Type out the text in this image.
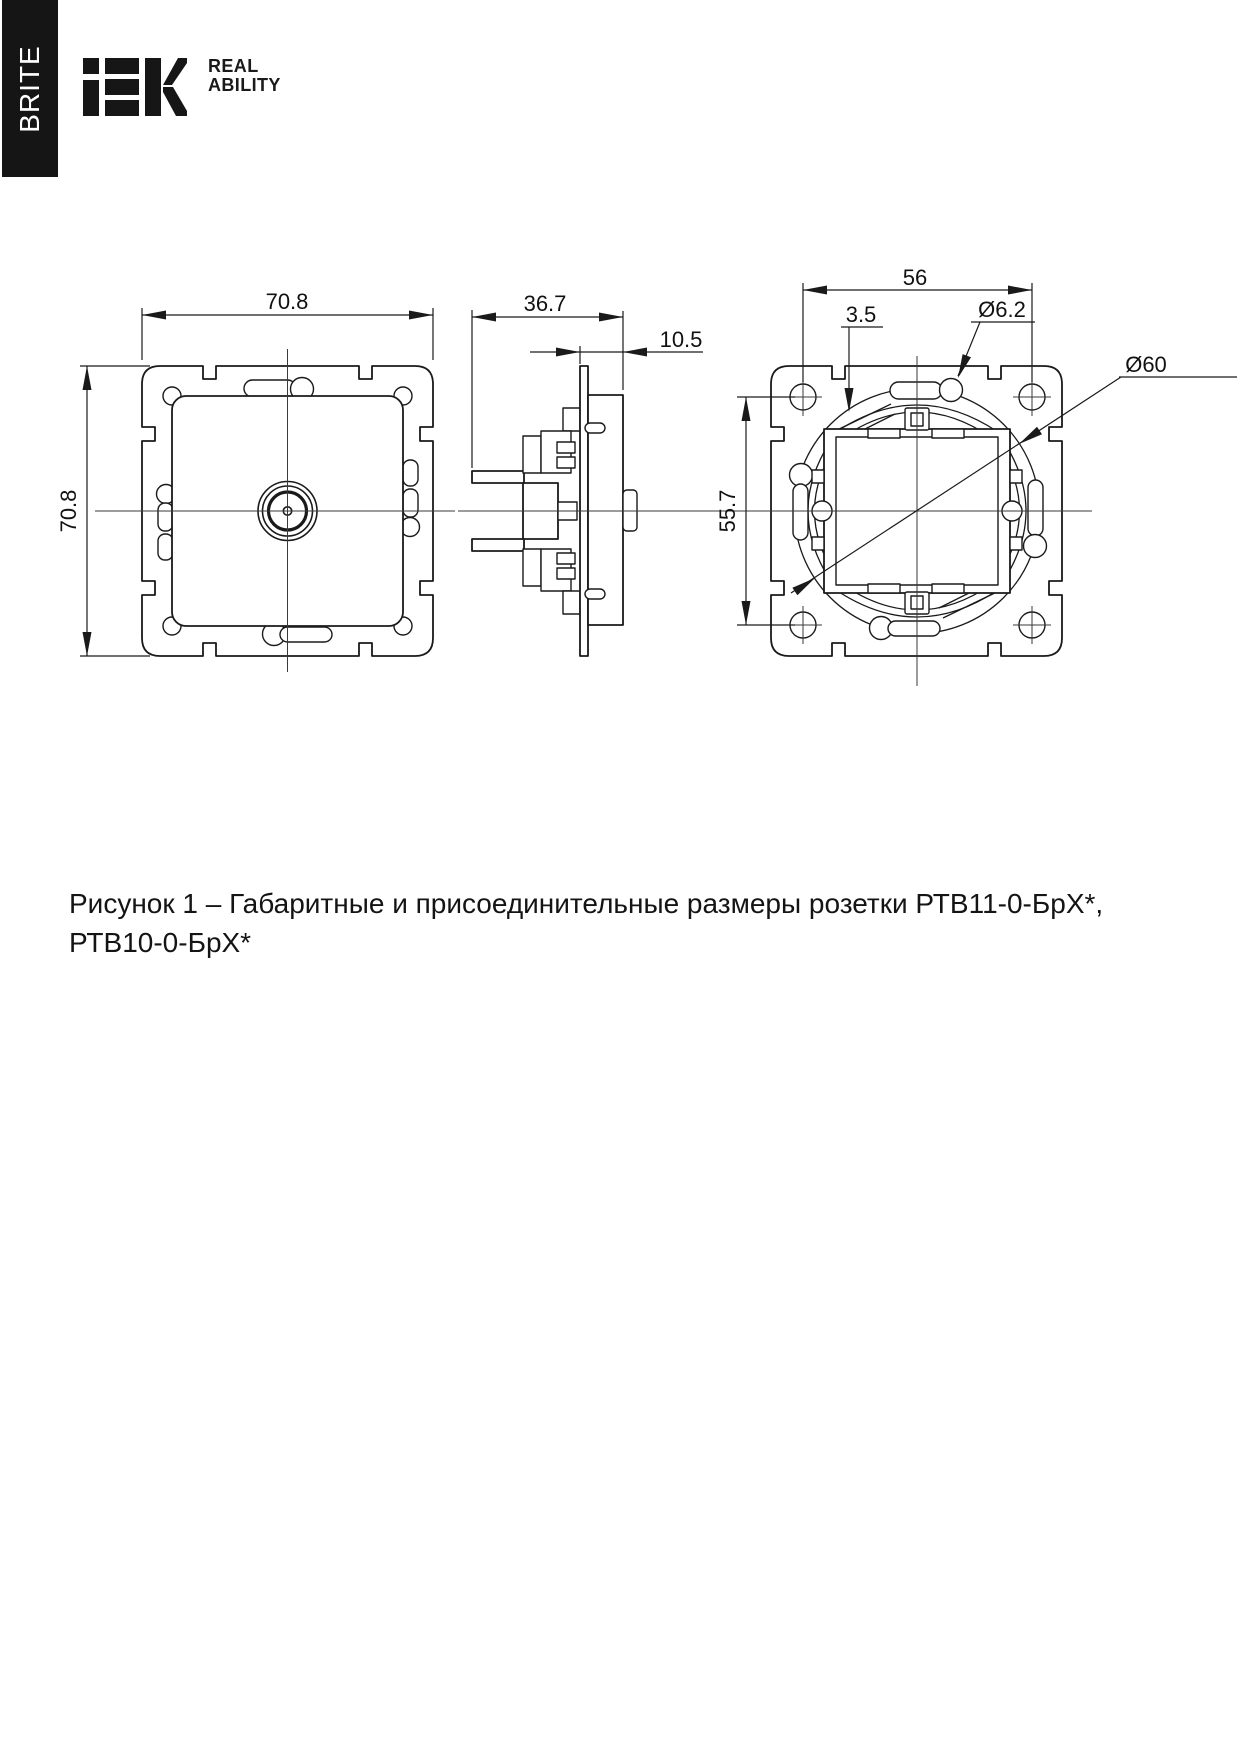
BRITE	REAL
ABILITY
70.8
70.8
36.7
10.5
56
55.7
3.5	Ø6.2
Ø60
Рисунок 1 – Габаритные и присоединительные размеры розетки РТВ11-0-БрХ*,
РТВ10-0-БрХ*
